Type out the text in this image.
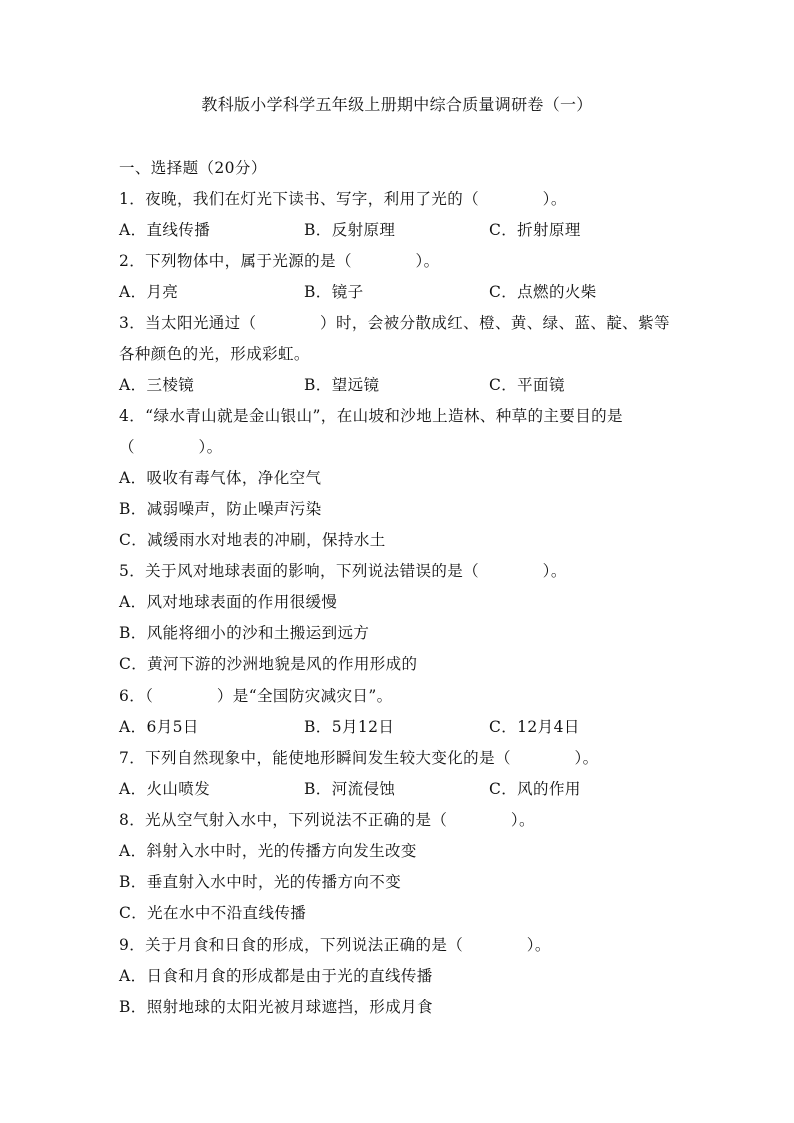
教科版小学科学五年级上册期中综合质量调研卷（一）
一、选择题（20分）
1．夜晚，我们在灯光下读书、写字，利用了光的（　　　　）。
A．直线传播	B．反射原理	C．折射原理
2．下列物体中，属于光源的是（　　　　）。
A．月亮	B．镜子	C．点燃的火柴
3．当太阳光通过（　　　　）时，会被分散成红、橙、黄、绿、蓝、靛、紫等
各种颜色的光，形成彩虹。
A．三棱镜	B．望远镜	C．平面镜
4．“绿水青山就是金山银山”，在山坡和沙地上造林、种草的主要目的是
（　　　　）。
A．吸收有毒气体，净化空气
B．减弱噪声，防止噪声污染
C．减缓雨水对地表的冲刷，保持水土
5．关于风对地球表面的影响，下列说法错误的是（　　　　）。
A．风对地球表面的作用很缓慢
B．风能将细小的沙和土搬运到远方
C．黄河下游的沙洲地貌是风的作用形成的
6．（　　　　）是“全国防灾减灾日”。
A．6月5日	B．5月12日	C．12月4日
7．下列自然现象中，能使地形瞬间发生较大变化的是（　　　　）。
A．火山喷发	B．河流侵蚀	C．风的作用
8．光从空气射入水中，下列说法不正确的是（　　　　）。
A．斜射入水中时，光的传播方向发生改变
B．垂直射入水中时，光的传播方向不变
C．光在水中不沿直线传播
9．关于月食和日食的形成，下列说法正确的是（　　　　）。
A．日食和月食的形成都是由于光的直线传播
B．照射地球的太阳光被月球遮挡，形成月食
